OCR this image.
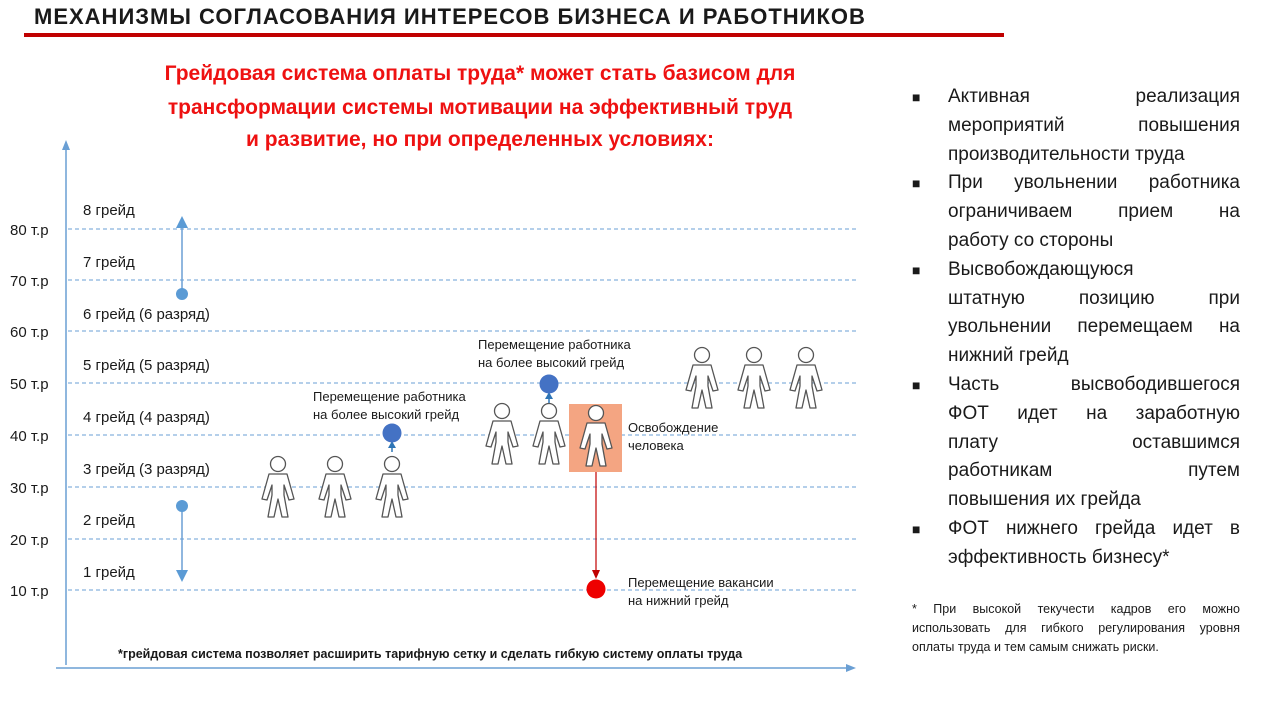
МЕХАНИЗМЫ СОГЛАСОВАНИЯ ИНТЕРЕСОВ БИЗНЕСА И РАБОТНИКОВ
Грейдовая система оплаты труда* может стать базисом для
трансформации системы мотивации на эффективный труд
и развитие, но при определенных условиях:
80 т.р
70 т.р
60 т.р
50 т.р
40 т.р
30 т.р
20 т.р
10 т.р
8 грейд
7 грейд
6 грейд (6 разряд)
5 грейд (5 разряд)
4 грейд (4 разряд)
3 грейд (3 разряд)
2 грейд
1 грейд
Перемещение работника
на более высокий грейд
Перемещение работника
на более высокий грейд
Освобождение
человека
Перемещение вакансии
на нижний грейд
*грейдовая система позволяет расширить тарифную сетку и сделать гибкую систему оплаты труда
■ Активная реализация
мероприятий повышения
производительности труда
■ При увольнении работника
ограничиваем прием на
работу со стороны
■ Высвобождающуюся
штатную позицию при
увольнении перемещаем на
нижний грейд
■ Часть высвободившегося
ФОТ идет на заработную
плату оставшимся
работникам путем
повышения их грейда
■ ФОТ нижнего грейда идет в
эффективность бизнесу*
* При высокой текучести кадров его можно использовать для гибкого регулирования уровня оплаты труда и тем самым снижать риски.
